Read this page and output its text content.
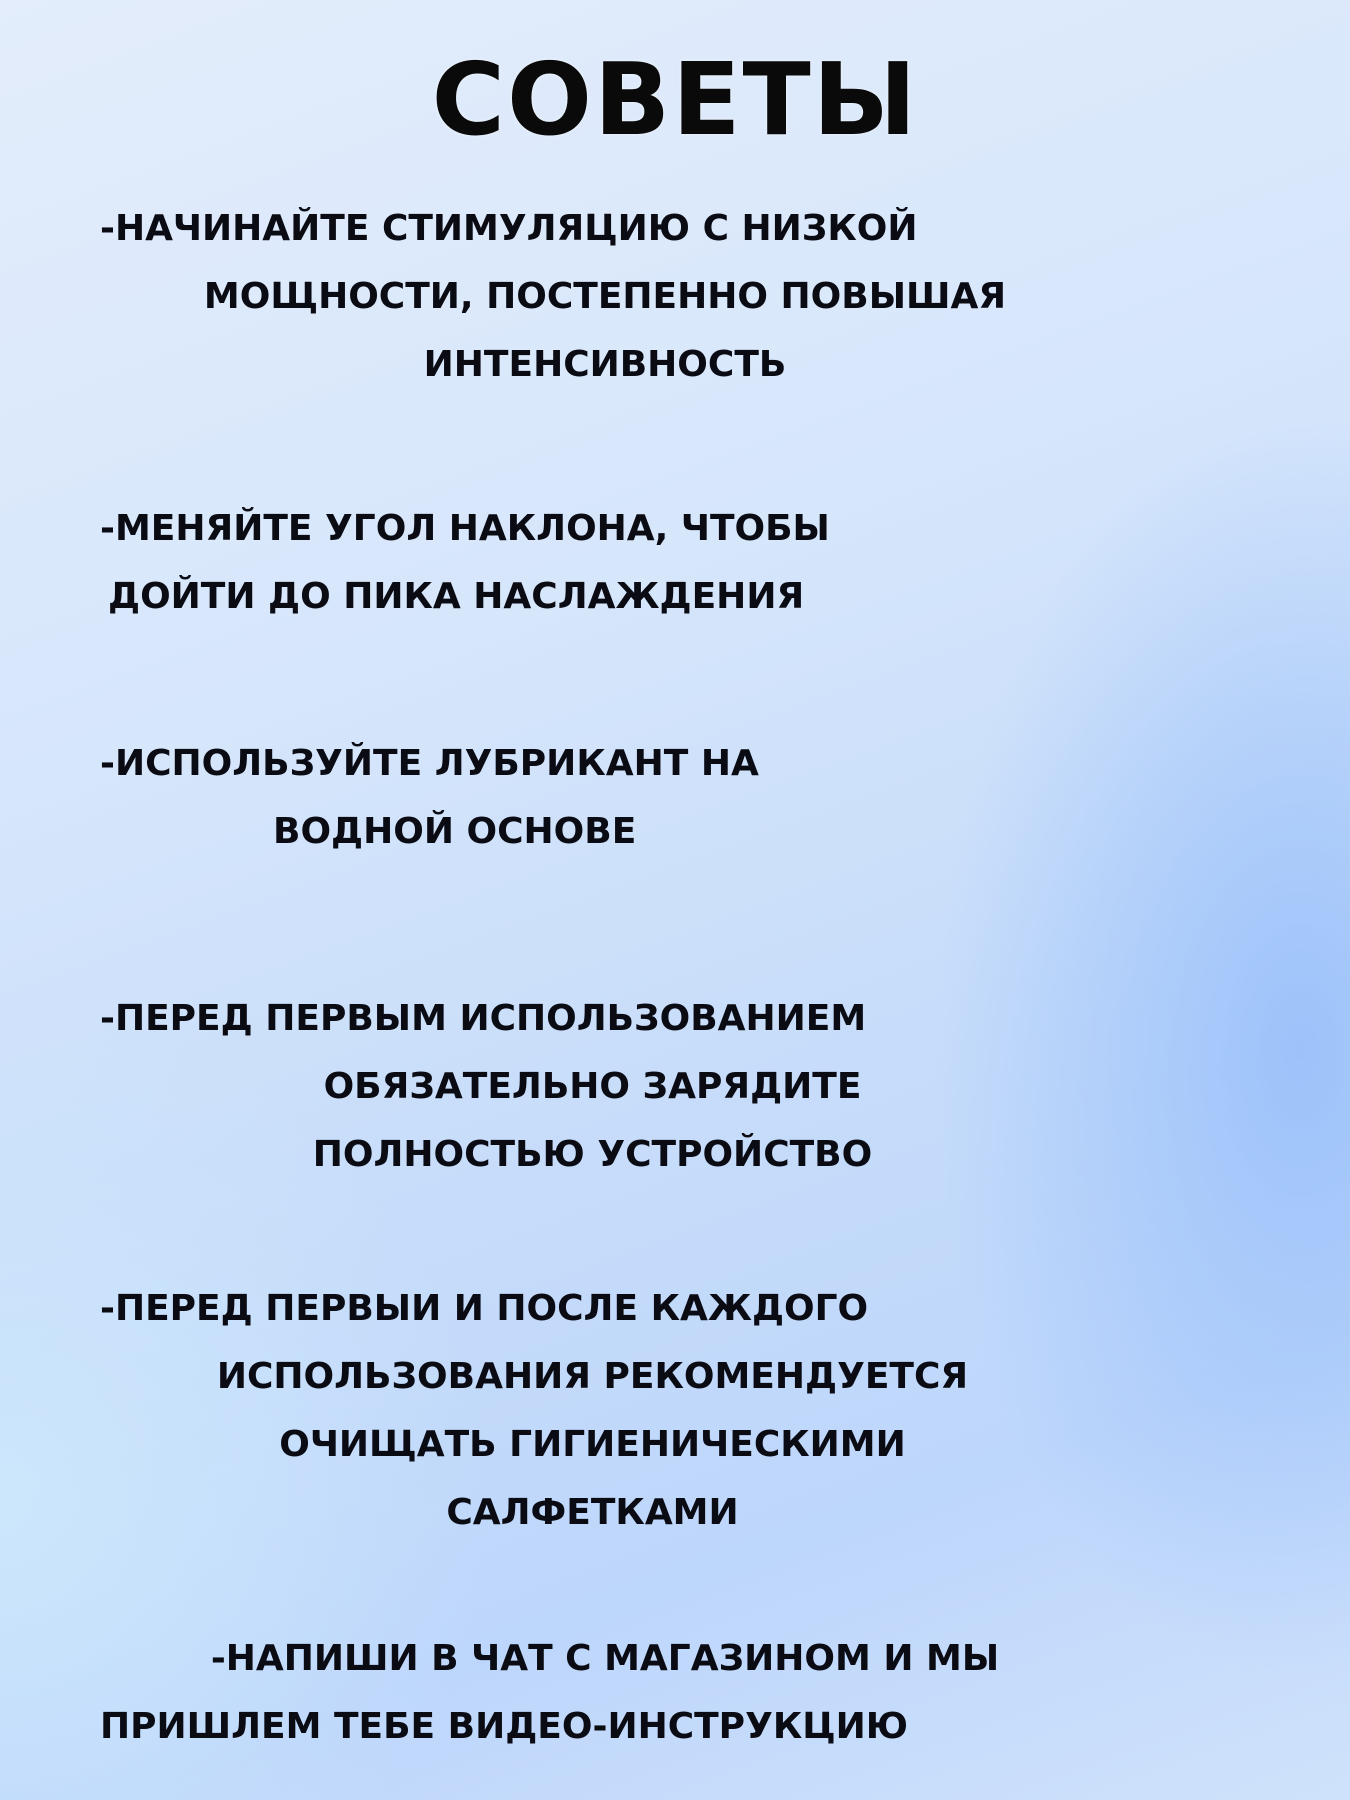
СОВЕТЫ
-НАЧИНАЙТЕ СТИМУЛЯЦИЮ С НИЗКОЙ
МОЩНОСТИ, ПОСТЕПЕННО ПОВЫШАЯ
ИНТЕНСИВНОСТЬ
-МЕНЯЙТЕ УГОЛ НАКЛОНА, ЧТОБЫ
ДОЙТИ ДО ПИКА НАСЛАЖДЕНИЯ
-ИСПОЛЬЗУЙТЕ ЛУБРИКАНТ НА
ВОДНОЙ ОСНОВЕ
-ПЕРЕД ПЕРВЫМ ИСПОЛЬЗОВАНИЕМ
ОБЯЗАТЕЛЬНО ЗАРЯДИТЕ
ПОЛНОСТЬЮ УСТРОЙСТВО
-ПЕРЕД ПЕРВЫИ И ПОСЛЕ КАЖДОГО
ИСПОЛЬЗОВАНИЯ РЕКОМЕНДУЕТСЯ
ОЧИЩАТЬ ГИГИЕНИЧЕСКИМИ
САЛФЕТКАМИ
-НАПИШИ В ЧАТ С МАГАЗИНОМ И МЫ
ПРИШЛЕМ ТЕБЕ ВИДЕО-ИНСТРУКЦИЮ
